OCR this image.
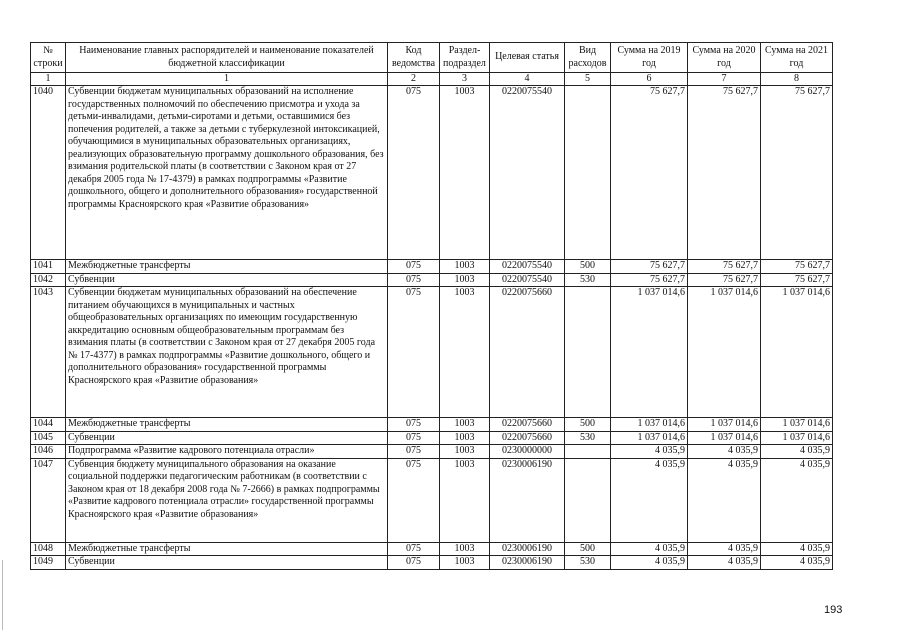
№ строки	Наименование главных распорядителей и наименование показателей бюджетной классификации	Код ведомства	Раздел-подраздел	Целевая статья	Вид расходов	Сумма на 2019 год	Сумма на 2020 год	Сумма на 2021 год
1	1	2	3	4	5	6	7	8
1040	Субвенции бюджетам муниципальных образований на исполнение государственных полномочий по обеспечению присмотра и ухода за детьми-инвалидами, детьми-сиротами и детьми, оставшимися без попечения родителей, а также за детьми с туберкулезной интоксикацией, обучающимися в муниципальных образовательных организациях, реализующих образовательную программу дошкольного образования, без взимания родительской платы (в соответствии с Законом края от 27 декабря 2005 года № 17-4379) в рамках подпрограммы «Развитие дошкольного, общего и дополнительного образования» государственной программы Красноярского края «Развитие образования»	075	1003	0220075540		75 627,7	75 627,7	75 627,7
1041	Межбюджетные трансферты	075	1003	0220075540	500	75 627,7	75 627,7	75 627,7
1042	Субвенции	075	1003	0220075540	530	75 627,7	75 627,7	75 627,7
1043	Субвенции бюджетам муниципальных образований на обеспечение питанием обучающихся в муниципальных и частных общеобразовательных организациях по имеющим государственную аккредитацию основным общеобразовательным программам без взимания платы (в соответствии с Законом края от 27 декабря 2005 года № 17-4377) в рамках подпрограммы «Развитие дошкольного, общего и дополнительного образования» государственной программы Красноярского края «Развитие образования»	075	1003	0220075660		1 037 014,6	1 037 014,6	1 037 014,6
1044	Межбюджетные трансферты	075	1003	0220075660	500	1 037 014,6	1 037 014,6	1 037 014,6
1045	Субвенции	075	1003	0220075660	530	1 037 014,6	1 037 014,6	1 037 014,6
1046	Подпрограмма «Развитие кадрового потенциала отрасли»	075	1003	0230000000		4 035,9	4 035,9	4 035,9
1047	Субвенция бюджету муниципального образования на оказание социальной поддержки педагогическим работникам (в соответствии с Законом края от 18 декабря 2008 года № 7-2666) в рамках подпрограммы «Развитие кадрового потенциала отрасли» государственной программы Красноярского края «Развитие образования»	075	1003	0230006190		4 035,9	4 035,9	4 035,9
1048	Межбюджетные трансферты	075	1003	0230006190	500	4 035,9	4 035,9	4 035,9
1049	Субвенции	075	1003	0230006190	530	4 035,9	4 035,9	4 035,9
193
